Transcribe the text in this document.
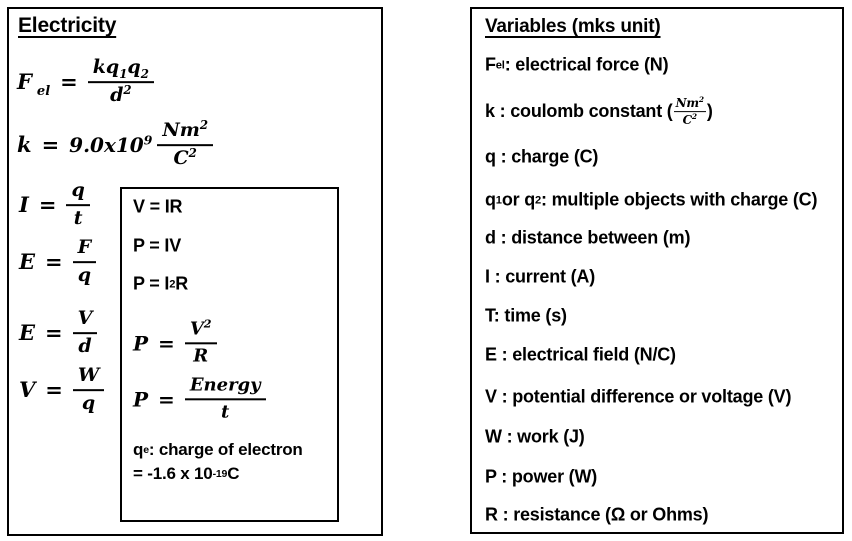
Electricity
F $_{el} = \frac{kq_1q_2}{d^2}$
$k = 9.0x10^9 \frac{Nm^2}{C^2}$
$I = \frac{q}{t}$
$E = \frac{F}{q}$
$E = \frac{V}{d}$
$V = \frac{W}{q}$
V = IR
P = IV
P = I 2 R
$P = \frac{V^2}{R}$
$P = \frac{\text{Energy}}{t}$
q e : charge of electron
= -1.6 x 10 -19 C
Variables (mks unit)
F el : electrical force (N)
k : coulomb constant ( $\frac{Nm^2}{C^2}$ )
q : charge (C)
q 1 or q 2 : multiple objects with charge (C)
d : distance between (m)
I : current (A)
T: time (s)
E : electrical field (N/C)
V : potential difference or voltage (V)
W : work (J)
P : power (W)
R : resistance (Ω or Ohms)
